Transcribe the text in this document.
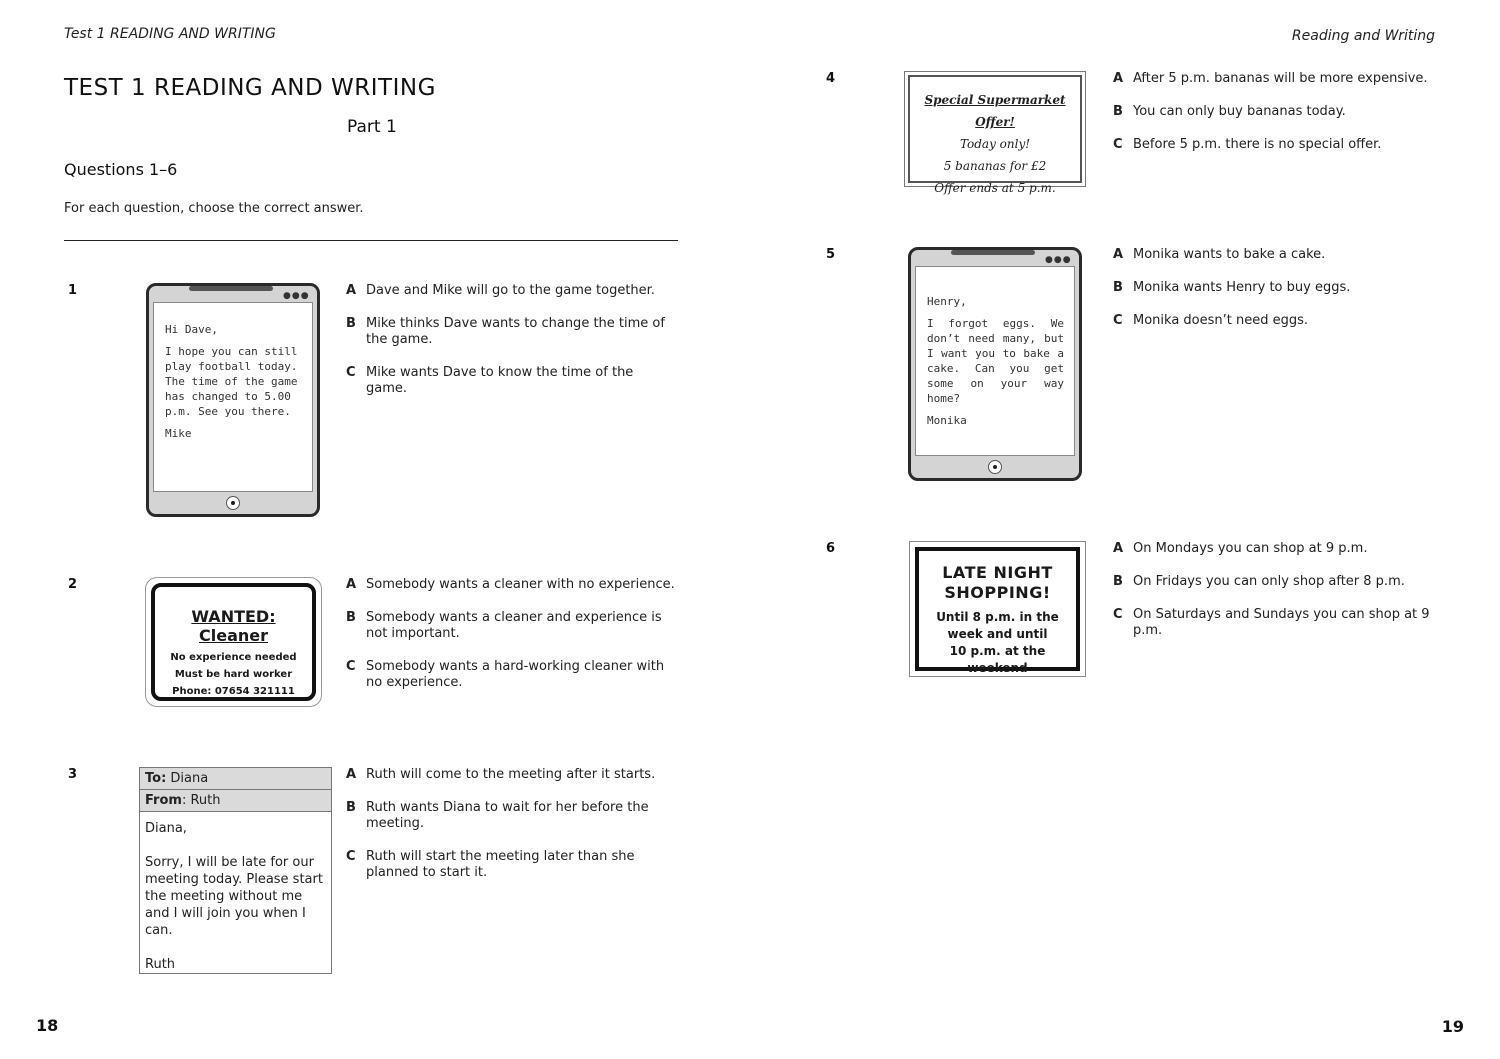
Test 1 READING AND WRITING
TEST 1 READING AND WRITING
Part 1
Questions 1–6
For each question, choose the correct answer.
Reading and Writing
1	●●●

Hi Dave,

I hope you can still play football today. The time of the game has changed to 5.00 p.m. See you there.

Mike

A Dave and Mike will go to the game together.
B Mike thinks Dave wants to change the time of the game.
C Mike wants Dave to know the time of the game.
2
WANTED: Cleaner
No experience needed
Must be hard worker
Phone: 07654 321111
A Somebody wants a cleaner with no experience.
B Somebody wants a cleaner and experience is not important.
C Somebody wants a hard-working cleaner with no experience.
3	To: Diana
From: Ruth

Diana,

Sorry, I will be late for our meeting today. Please start the meeting without me and I will join you when I can.

Ruth

A Ruth will come to the meeting after it starts.
B Ruth wants Diana to wait for her before the meeting.
C Ruth will start the meeting later than she planned to start it.
4
Special Supermarket Offer!
Today only!
5 bananas for £2
Offer ends at 5 p.m.
A After 5 p.m. bananas will be more expensive.
B You can only buy bananas today.
C Before 5 p.m. there is no special offer.
5	●●●

Henry,

I forgot eggs. We don’t need many, but I want you to bake a cake. Can you get some on your way home?

Monika

A Monika wants to bake a cake.
B Monika wants Henry to buy eggs.
C Monika doesn’t need eggs.
6
LATE NIGHT
SHOPPING!
Until 8 p.m. in the
week and until
10 p.m. at the weekend
A On Mondays you can shop at 9 p.m.
B On Fridays you can only shop after 8 p.m.
C On Saturdays and Sundays you can shop at 9 p.m.
18	19
